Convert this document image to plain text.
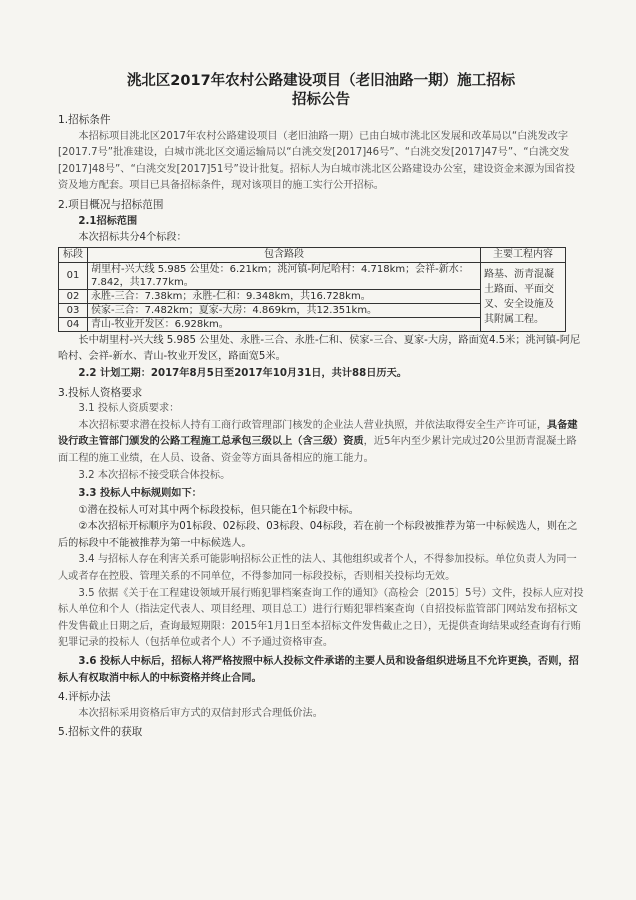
洮北区2017年农村公路建设项目（老旧油路一期）施工招标
招标公告

1.招标条件

本招标项目洮北区2017年农村公路建设项目（老旧油路一期）已由白城市洮北区发展和改革局以“白洮发改字[2017.7号”批准建设，白城市洮北区交通运输局以“白洮交发[2017]46号”、“白洮交发[2017]47号”、“白洮交发[2017]48号”、“白洮交发[2017]51号”设计批复。招标人为白城市洮北区公路建设办公室，建设资金来源为国省投资及地方配套。项目已具备招标条件，现对该项目的施工实行公开招标。

2.项目概况与招标范围

2.1招标范围

本次招标共分4个标段：

标段	包含路段	主要工程内容
01	胡里村-兴大线 5.985 公里处：6.21km；洮河镇-阿尼哈村：4.718km；会祥-新水：7.842，共17.77km。	路基、沥青混凝土路面、平面交叉、安全设施及其附属工程。
02	永胜-三合：7.38km；永胜-仁和：9.348km，共16.728km。	
03	侯家-三合：7.482km；夏家-大房：4.869km，共12.351km。	
04	青山-牧业开发区：6.928km。	

长中胡里村-兴大线 5.985 公里处、永胜-三合、永胜-仁和、侯家-三合、夏家-大房，路面宽4.5米；洮河镇-阿尼哈村、会祥-新水、青山-牧业开发区，路面宽5米。

2.2 计划工期：2017年8月5日至2017年10月31日，共计88日历天。

3.投标人资格要求

3.1 投标人资质要求：

本次招标要求潜在投标人持有工商行政管理部门核发的企业法人营业执照，并依法取得安全生产许可证，具备建设行政主管部门颁发的公路工程施工总承包三级以上（含三级）资质，近5年内至少累计完成过20公里沥青混凝土路面工程的施工业绩，在人员、设备、资金等方面具备相应的施工能力。

3.2 本次招标不接受联合体投标。

3.3 投标人中标规则如下：

①潜在投标人可对其中两个标段投标，但只能在1个标段中标。

②本次招标开标顺序为01标段、02标段、03标段、04标段，若在前一个标段被推荐为第一中标候选人，则在之后的标段中不能被推荐为第一中标候选人。

3.4 与招标人存在利害关系可能影响招标公正性的法人、其他组织或者个人，不得参加投标。单位负责人为同一人或者存在控股、管理关系的不同单位，不得参加同一标段投标，否则相关投标均无效。

3.5 依据《关于在工程建设领域开展行贿犯罪档案查询工作的通知》（高检会〔2015〕5号）文件，投标人应对投标人单位和个人（指法定代表人、项目经理、项目总工）进行行贿犯罪档案查询（自招投标监管部门网站发布招标文件发售截止日期之后，查询最短期限：2015年1月1日至本招标文件发售截止之日），无提供查询结果或经查询有行贿犯罪记录的投标人（包括单位或者个人）不予通过资格审查。

3.6 投标人中标后，招标人将严格按照中标人投标文件承诺的主要人员和设备组织进场且不允许更换，否则，招标人有权取消中标人的中标资格并终止合同。

4.评标办法

本次招标采用资格后审方式的双信封形式合理低价法。

5.招标文件的获取
